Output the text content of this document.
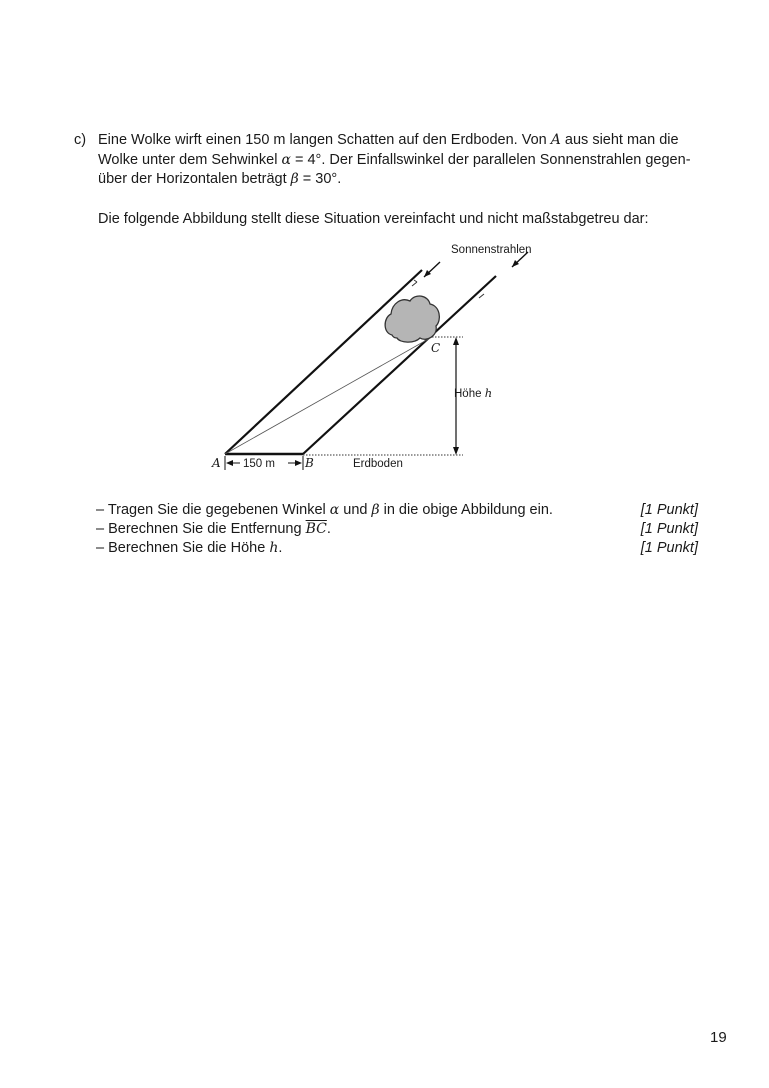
c) Eine Wolke wirft einen 150 m langen Schatten auf den Erdboden. Von A aus sieht man die
Wolke unter dem Sehwinkel α = 4°. Der Einfallswinkel der parallelen Sonnenstrahlen gegen-
über der Horizontalen beträgt β = 30°.
Die folgende Abbildung stellt diese Situation vereinfacht und nicht maßstabgetreu dar:
Sonnenstrahlen
C
A	B
150 m	Erdboden
Höhe h
– Tragen Sie die gegebenen Winkel α und β in die obige Abbildung ein.	[1 Punkt]
– Berechnen Sie die Entfernung $\overline{BC}$.	[1 Punkt]
– Berechnen Sie die Höhe h.	[1 Punkt]
19
